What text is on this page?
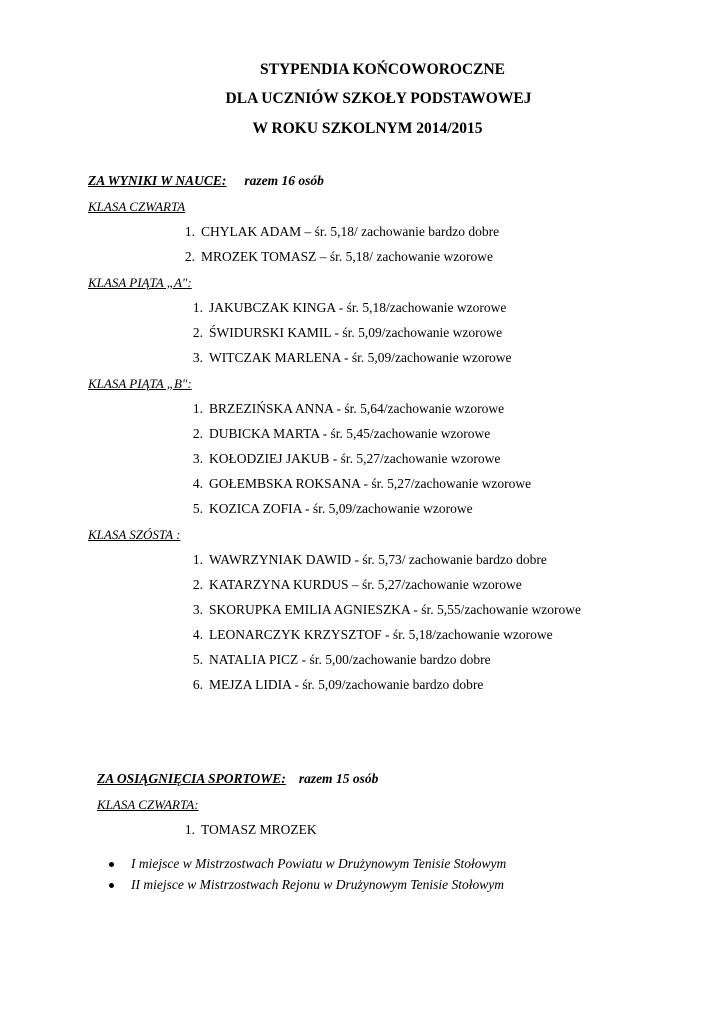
STYPENDIA KOŃCOWOROCZNE
DLA UCZNIÓW SZKOŁY PODSTAWOWEJ
W ROKU SZKOLNYM 2014/2015
ZA WYNIKI W NAUCE: razem 16 osób
KLASA CZWARTA
1. CHYLAK ADAM – śr. 5,18/ zachowanie bardzo dobre
2. MROZEK TOMASZ – śr. 5,18/ zachowanie wzorowe
KLASA PIĄTA „A":
1. JAKUBCZAK KINGA - śr. 5,18/zachowanie wzorowe
2. ŚWIDURSKI KAMIL - śr. 5,09/zachowanie wzorowe
3. WITCZAK MARLENA - śr. 5,09/zachowanie wzorowe
KLASA PIĄTA „B":
1. BRZEZIŃSKA ANNA - śr. 5,64/zachowanie wzorowe
2. DUBICKA MARTA - śr. 5,45/zachowanie wzorowe
3. KOŁODZIEJ JAKUB - śr. 5,27/zachowanie wzorowe
4. GOŁEMBSKA ROKSANA - śr. 5,27/zachowanie wzorowe
5. KOZICA ZOFIA - śr. 5,09/zachowanie wzorowe
KLASA SZÓSTA :
1. WAWRZYNIAK DAWID - śr. 5,73/ zachowanie bardzo dobre
2. KATARZYNA KURDUS – śr. 5,27/zachowanie wzorowe
3. SKORUPKA EMILIA AGNIESZKA - śr. 5,55/zachowanie wzorowe
4. LEONARCZYK KRZYSZTOF - śr. 5,18/zachowanie wzorowe
5. NATALIA PICZ - śr. 5,00/zachowanie bardzo dobre
6. MEJZA LIDIA - śr. 5,09/zachowanie bardzo dobre
ZA OSIĄGNIĘCIA SPORTOWE: razem 15 osób
KLASA CZWARTA:
1. TOMASZ MROZEK
I miejsce w Mistrzostwach Powiatu w Drużynowym Tenisie Stołowym
II miejsce w Mistrzostwach Rejonu w Drużynowym Tenisie Stołowym
